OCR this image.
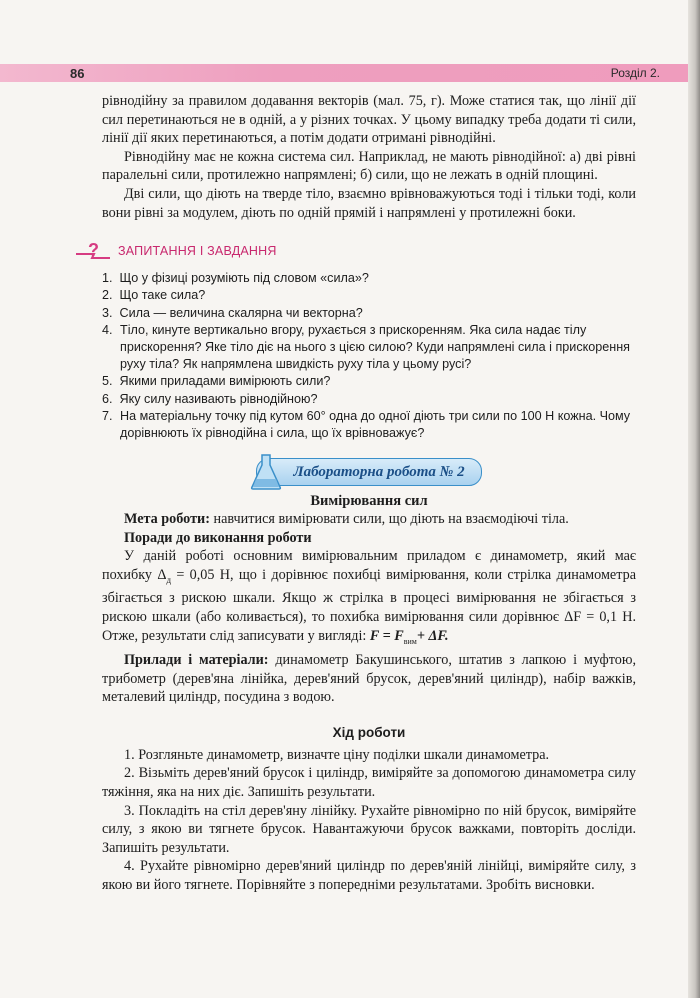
86	Розділ 2.

рівнодійну за правилом додавання векторів (мал. 75, г). Може статися так, що лінії дії сил перетинаються не в одній, а у різних точках. У цьому випадку треба додати ті сили, лінії дії яких перетинаються, а потім додати отримані рівнодійні.

Рівнодійну має не кожна система сил. Наприклад, не мають рівнодійної: а) дві рівні паралельні сили, протилежно напрямлені; б) сили, що не лежать в одній площині.

Дві сили, що діють на тверде тіло, взаємно врівноважуються тоді і тільки тоді, коли вони рівні за модулем, діють по одній прямій і напрямлені у протилежні боки.

? ЗАПИТАННЯ І ЗАВДАННЯ
1. Що у фізиці розуміють під словом «сила»?
2. Що таке сила?
3. Сила — величина скалярна чи векторна?
4. Тіло, кинуте вертикально вгору, рухається з прискоренням. Яка сила надає тілу прискорення? Яке тіло діє на нього з цією силою? Куди напрямлені сила і прискорення руху тіла? Як напрямлена швидкість руху тіла у цьому русі?
5. Якими приладами вимірюють сили?
6. Яку силу називають рівнодійною?
7. На матеріальну точку під кутом 60° одна до одної діють три сили по 100 Н кожна. Чому дорівнюють їх рівнодійна і сила, що їх врівноважує?
Лабораторна робота № 2
Вимірювання сил

Мета роботи: навчитися вимірювати сили, що діють на взаємодіючі тіла.

Поради до виконання роботи

У даній роботі основним вимірювальним приладом є динамометр, який має похибку $\Delta_д = 0,05$ Н, що і дорівнює похибці вимірювання, коли стрілка динамометра збігається з рискою шкали. Якщо ж стрілка в процесі вимірювання не збігається з рискою шкали (або коливається), то похибка вимірювання сили дорівнює ΔF = 0,1 Н. Отже, результати слід записувати у вигляді: $F = F_{вим}+ \Delta F$.

Прилади і матеріали: динамометр Бакушинського, штатив з лапкою і муфтою, трибометр (дерев'яна лінійка, дерев'яний брусок, дерев'яний циліндр), набір важків, металевий циліндр, посудина з водою.

Хід роботи

1. Розгляньте динамометр, визначте ціну поділки шкали динамометра.

2. Візьміть дерев'яний брусок і циліндр, виміряйте за допомогою динамометра силу тяжіння, яка на них діє. Запишіть результати.

3. Покладіть на стіл дерев'яну лінійку. Рухайте рівномірно по ній брусок, виміряйте силу, з якою ви тягнете брусок. Навантажуючи брусок важками, повторіть досліди. Запишіть результати.

4. Рухайте рівномірно дерев'яний циліндр по дерев'яній лінійці, виміряйте силу, з якою ви його тягнете. Порівняйте з попередніми результатами. Зробіть висновки.
